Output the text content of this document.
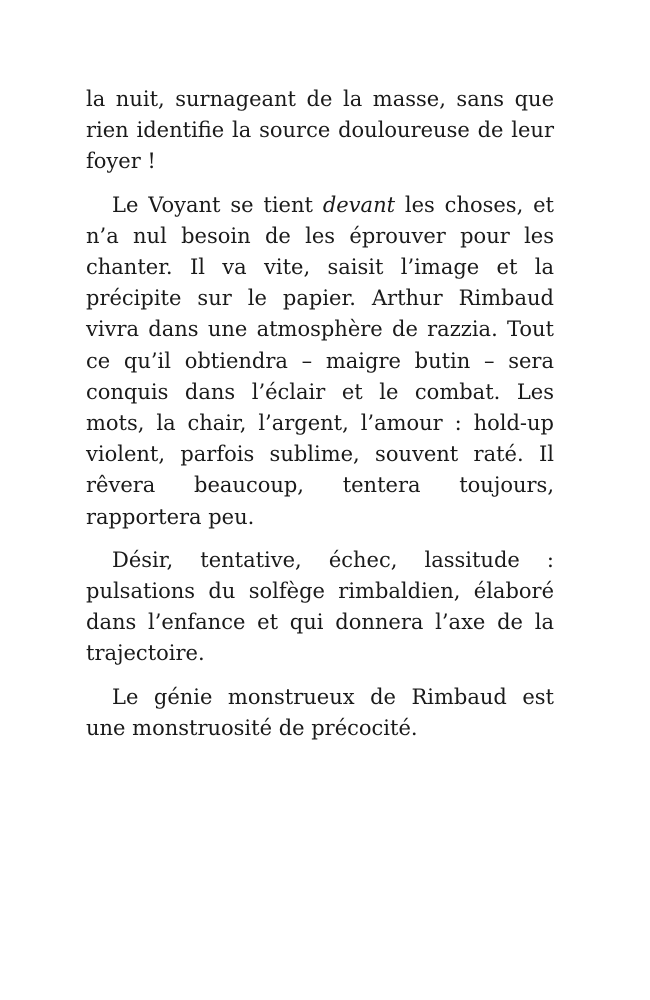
la nuit, surnageant de la masse, sans que rien identifie la source douloureuse de leur foyer !

Le Voyant se tient devant les choses, et n’a nul besoin de les éprouver pour les chanter. Il va vite, saisit l’image et la précipite sur le papier. Arthur Rimbaud vivra dans une atmosphère de razzia. Tout ce qu’il obtiendra – maigre butin – sera conquis dans l’éclair et le combat. Les mots, la chair, l’argent, l’amour : hold-up violent, parfois sublime, souvent raté. Il rêvera beaucoup, tentera toujours, rapportera peu.

Désir, tentative, échec, lassitude : pulsations du solfège rimbaldien, élaboré dans l’enfance et qui donnera l’axe de la trajectoire.

Le génie monstrueux de Rimbaud est une monstruosité de précocité.
